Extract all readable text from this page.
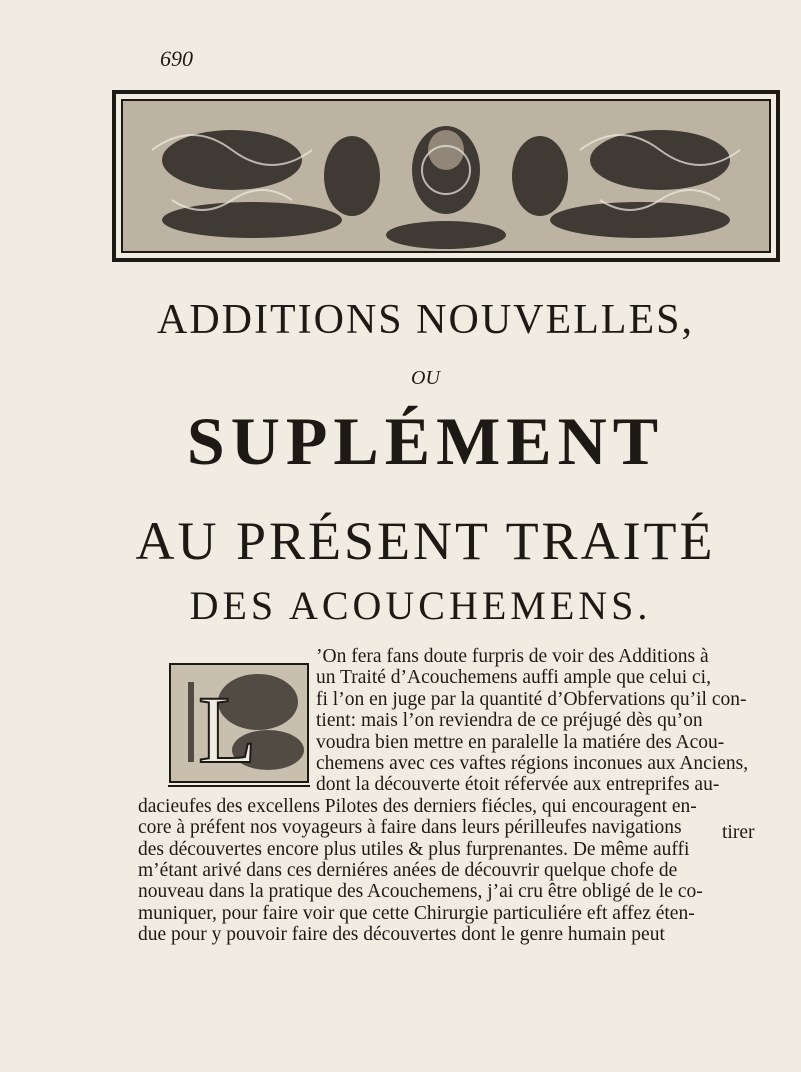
690
ADDITIONS NOUVELLES,
OU
SUPLÉMENT
AU PRÉSENT TRAITÉ
DES ACOUCHEMENS.
L
’On fera fans doute furpris de voir des Additions à
un Traité d’Acouchemens auffi ample que celui ci,
fi l’on en juge par la quantité d’Obfervations qu’il con-
tient: mais l’on reviendra de ce préjugé dès qu’on
voudra bien mettre en paralelle la matiére des Acou-
chemens avec ces vaftes régions inconues aux Anciens,
dont la découverte étoit réfervée aux entreprifes au-
dacieufes des excellens Pilotes des derniers fiécles, qui encouragent en-
core à préfent nos voyageurs à faire dans leurs périlleufes navigations
des découvertes encore plus utiles & plus furprenantes. De même auffi
m’étant arivé dans ces derniéres anées de découvrir quelque chofe de
nouveau dans la pratique des Acouchemens, j’ai cru être obligé de le co-
muniquer, pour faire voir que cette Chirurgie particuliére eft affez éten-
due pour y pouvoir faire des découvertes dont le genre humain peut
tirer
